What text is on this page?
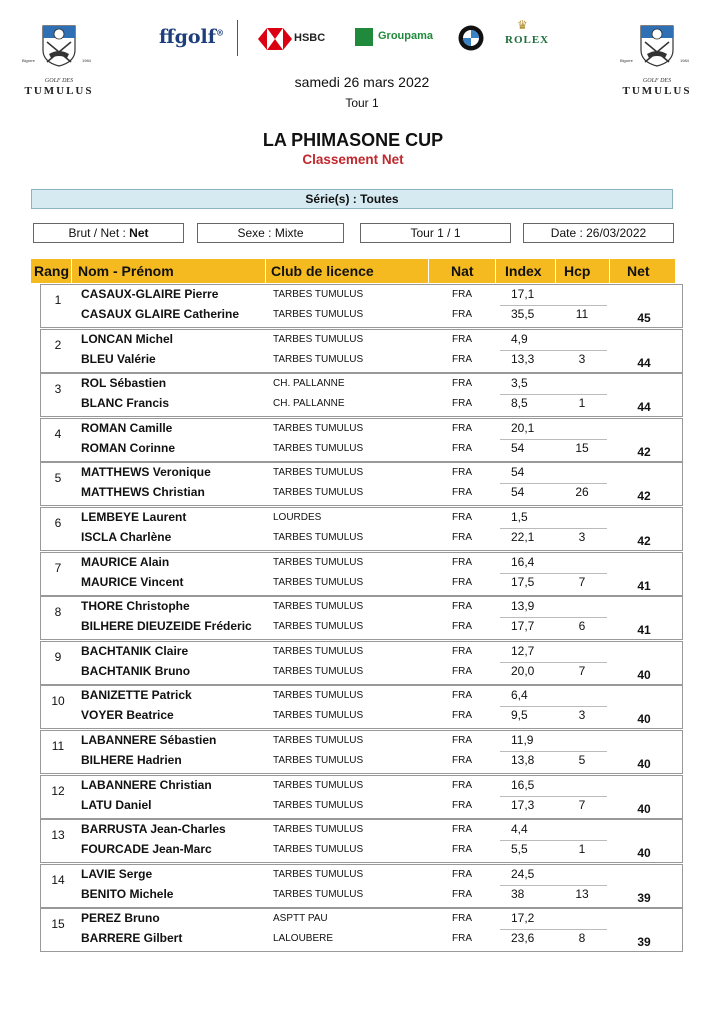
Bigorre	1984
GOLF DES
TUMULUS
Bigorre	1984
GOLF DES
TUMULUS
ffgolf®	HSBC	Groupama
♛
ROLEX
samedi 26 mars 2022
Tour 1
LA PHIMASONE CUP
Classement Net
Série(s) : Toutes
Brut / Net : Net	Sexe : Mixte	Tour 1 / 1	Date : 26/03/2022
Rang Nom - Prénom	Club de licence	Nat Index Hcp	Net
1	CASAUX-GLAIRE Pierre	TARBES TUMULUS	FRA	17,1
CASAUX GLAIRE Catherine	TARBES TUMULUS	FRA	35,5	11	45
2	LONCAN Michel	TARBES TUMULUS	FRA	4,9
BLEU Valérie	TARBES TUMULUS	FRA	13,3	3	44
3	ROL Sébastien	CH. PALLANNE	FRA	3,5
BLANC Francis	CH. PALLANNE	FRA	8,5	1	44
4	ROMAN Camille	TARBES TUMULUS	FRA	20,1
ROMAN Corinne	TARBES TUMULUS	FRA	54	15	42
5	MATTHEWS Veronique	TARBES TUMULUS	FRA	54
MATTHEWS Christian	TARBES TUMULUS	FRA	54	26	42
6	LEMBEYE Laurent	LOURDES	FRA	1,5
ISCLA Charlène	TARBES TUMULUS	FRA	22,1	3	42
7	MAURICE Alain	TARBES TUMULUS	FRA	16,4
MAURICE Vincent	TARBES TUMULUS	FRA	17,5	7	41
8	THORE Christophe	TARBES TUMULUS	FRA	13,9
BILHERE DIEUZEIDE Fréderic TARBES TUMULUS	FRA	17,7	6	41
9	BACHTANIK Claire	TARBES TUMULUS	FRA	12,7
BACHTANIK Bruno	TARBES TUMULUS	FRA	20,0	7	40
10	BANIZETTE Patrick	TARBES TUMULUS	FRA	6,4
VOYER Beatrice	TARBES TUMULUS	FRA	9,5	3	40
11	LABANNERE Sébastien	TARBES TUMULUS	FRA	11,9
BILHERE Hadrien	TARBES TUMULUS	FRA	13,8	5	40
12	LABANNERE Christian	TARBES TUMULUS	FRA	16,5
LATU Daniel	TARBES TUMULUS	FRA	17,3	7	40
13	BARRUSTA Jean-Charles	TARBES TUMULUS	FRA	4,4
FOURCADE Jean-Marc	TARBES TUMULUS	FRA	5,5	1	40
14	LAVIE Serge	TARBES TUMULUS	FRA	24,5
BENITO Michele	TARBES TUMULUS	FRA	38	13	39
15	PEREZ Bruno	ASPTT PAU	FRA	17,2
BARRERE Gilbert	LALOUBERE	FRA	23,6	8	39
